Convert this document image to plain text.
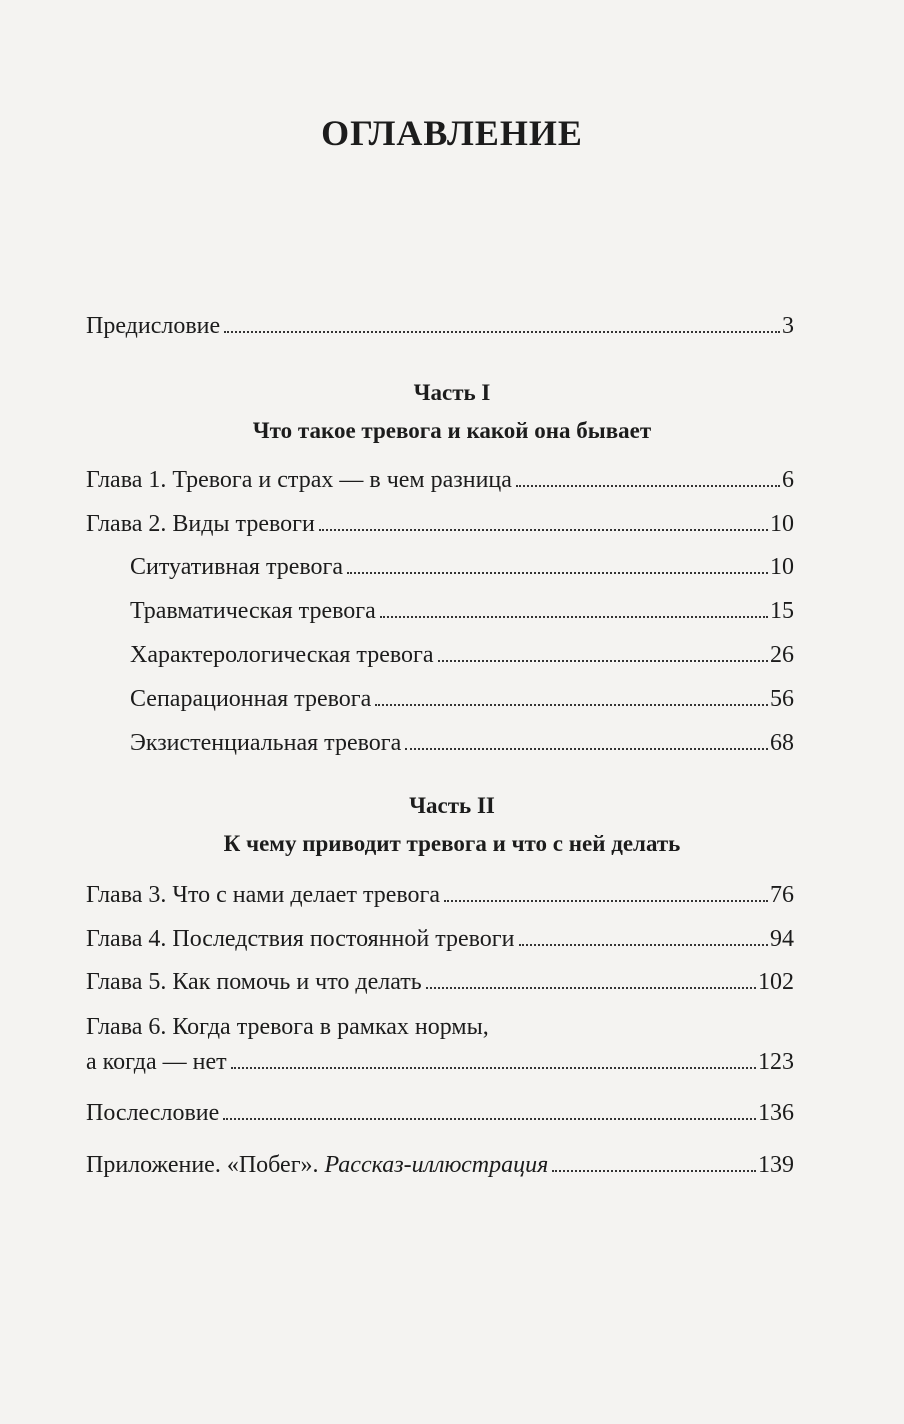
ОГЛАВЛЕНИЕ
Предисловие	3
Часть I
Что такое тревога и какой она бывает
Глава 1. Тревога и страх — в чем разница	6
Глава 2. Виды тревоги	10
Ситуативная тревога	10
Травматическая тревога	15
Характерологическая тревога	26
Сепарационная тревога	56
Экзистенциальная тревога	68
Часть II
К чему приводит тревога и что с ней делать
Глава 3. Что с нами делает тревога	76
Глава 4. Последствия постоянной тревоги	94
Глава 5. Как помочь и что делать	102
Глава 6. Когда тревога в рамках нормы,
а когда — нет	123
Послесловие	136
Приложение. «Побег». Рассказ-иллюстрация	139
